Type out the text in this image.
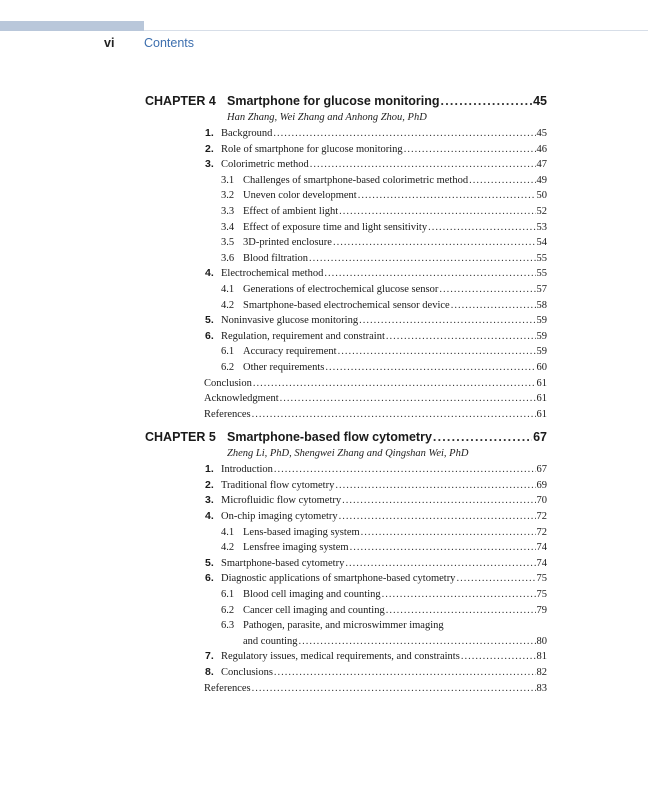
vi	Contents
CHAPTER 4 Smartphone for glucose monitoring .....	45
Han Zhang, Wei Zhang and Anhong Zhou, PhD
1. Background .....	45
2. Role of smartphone for glucose monitoring .....	46
3. Colorimetric method .....	47
3.1 Challenges of smartphone-based colorimetric method .....	49
3.2 Uneven color development .....	50
3.3 Effect of ambient light .....	52
3.4 Effect of exposure time and light sensitivity .....	53
3.5 3D-printed enclosure .....	54
3.6 Blood filtration .....	55
4. Electrochemical method .....	55
4.1 Generations of electrochemical glucose sensor .....	57
4.2 Smartphone-based electrochemical sensor device .....	58
5. Noninvasive glucose monitoring .....	59
6. Regulation, requirement and constraint .....	59
6.1 Accuracy requirement .....	59
6.2 Other requirements .....	60
Conclusion .....	61
Acknowledgment .....	61
References .....	61
CHAPTER 5 Smartphone-based flow cytometry .....	67
Zheng Li, PhD, Shengwei Zhang and Qingshan Wei, PhD
1. Introduction .....	67
2. Traditional flow cytometry .....	69
3. Microfluidic flow cytometry .....	70
4. On-chip imaging cytometry .....	72
4.1 Lens-based imaging system .....	72
4.2 Lensfree imaging system .....	74
5. Smartphone-based cytometry .....	74
6. Diagnostic applications of smartphone-based cytometry .....	75
6.1 Blood cell imaging and counting .....	75
6.2 Cancer cell imaging and counting .....	79
6.3 Pathogen, parasite, and microswimmer imaging
and counting .....	80
7. Regulatory issues, medical requirements, and constraints .....	81
8. Conclusions .....	82
References .....	83
